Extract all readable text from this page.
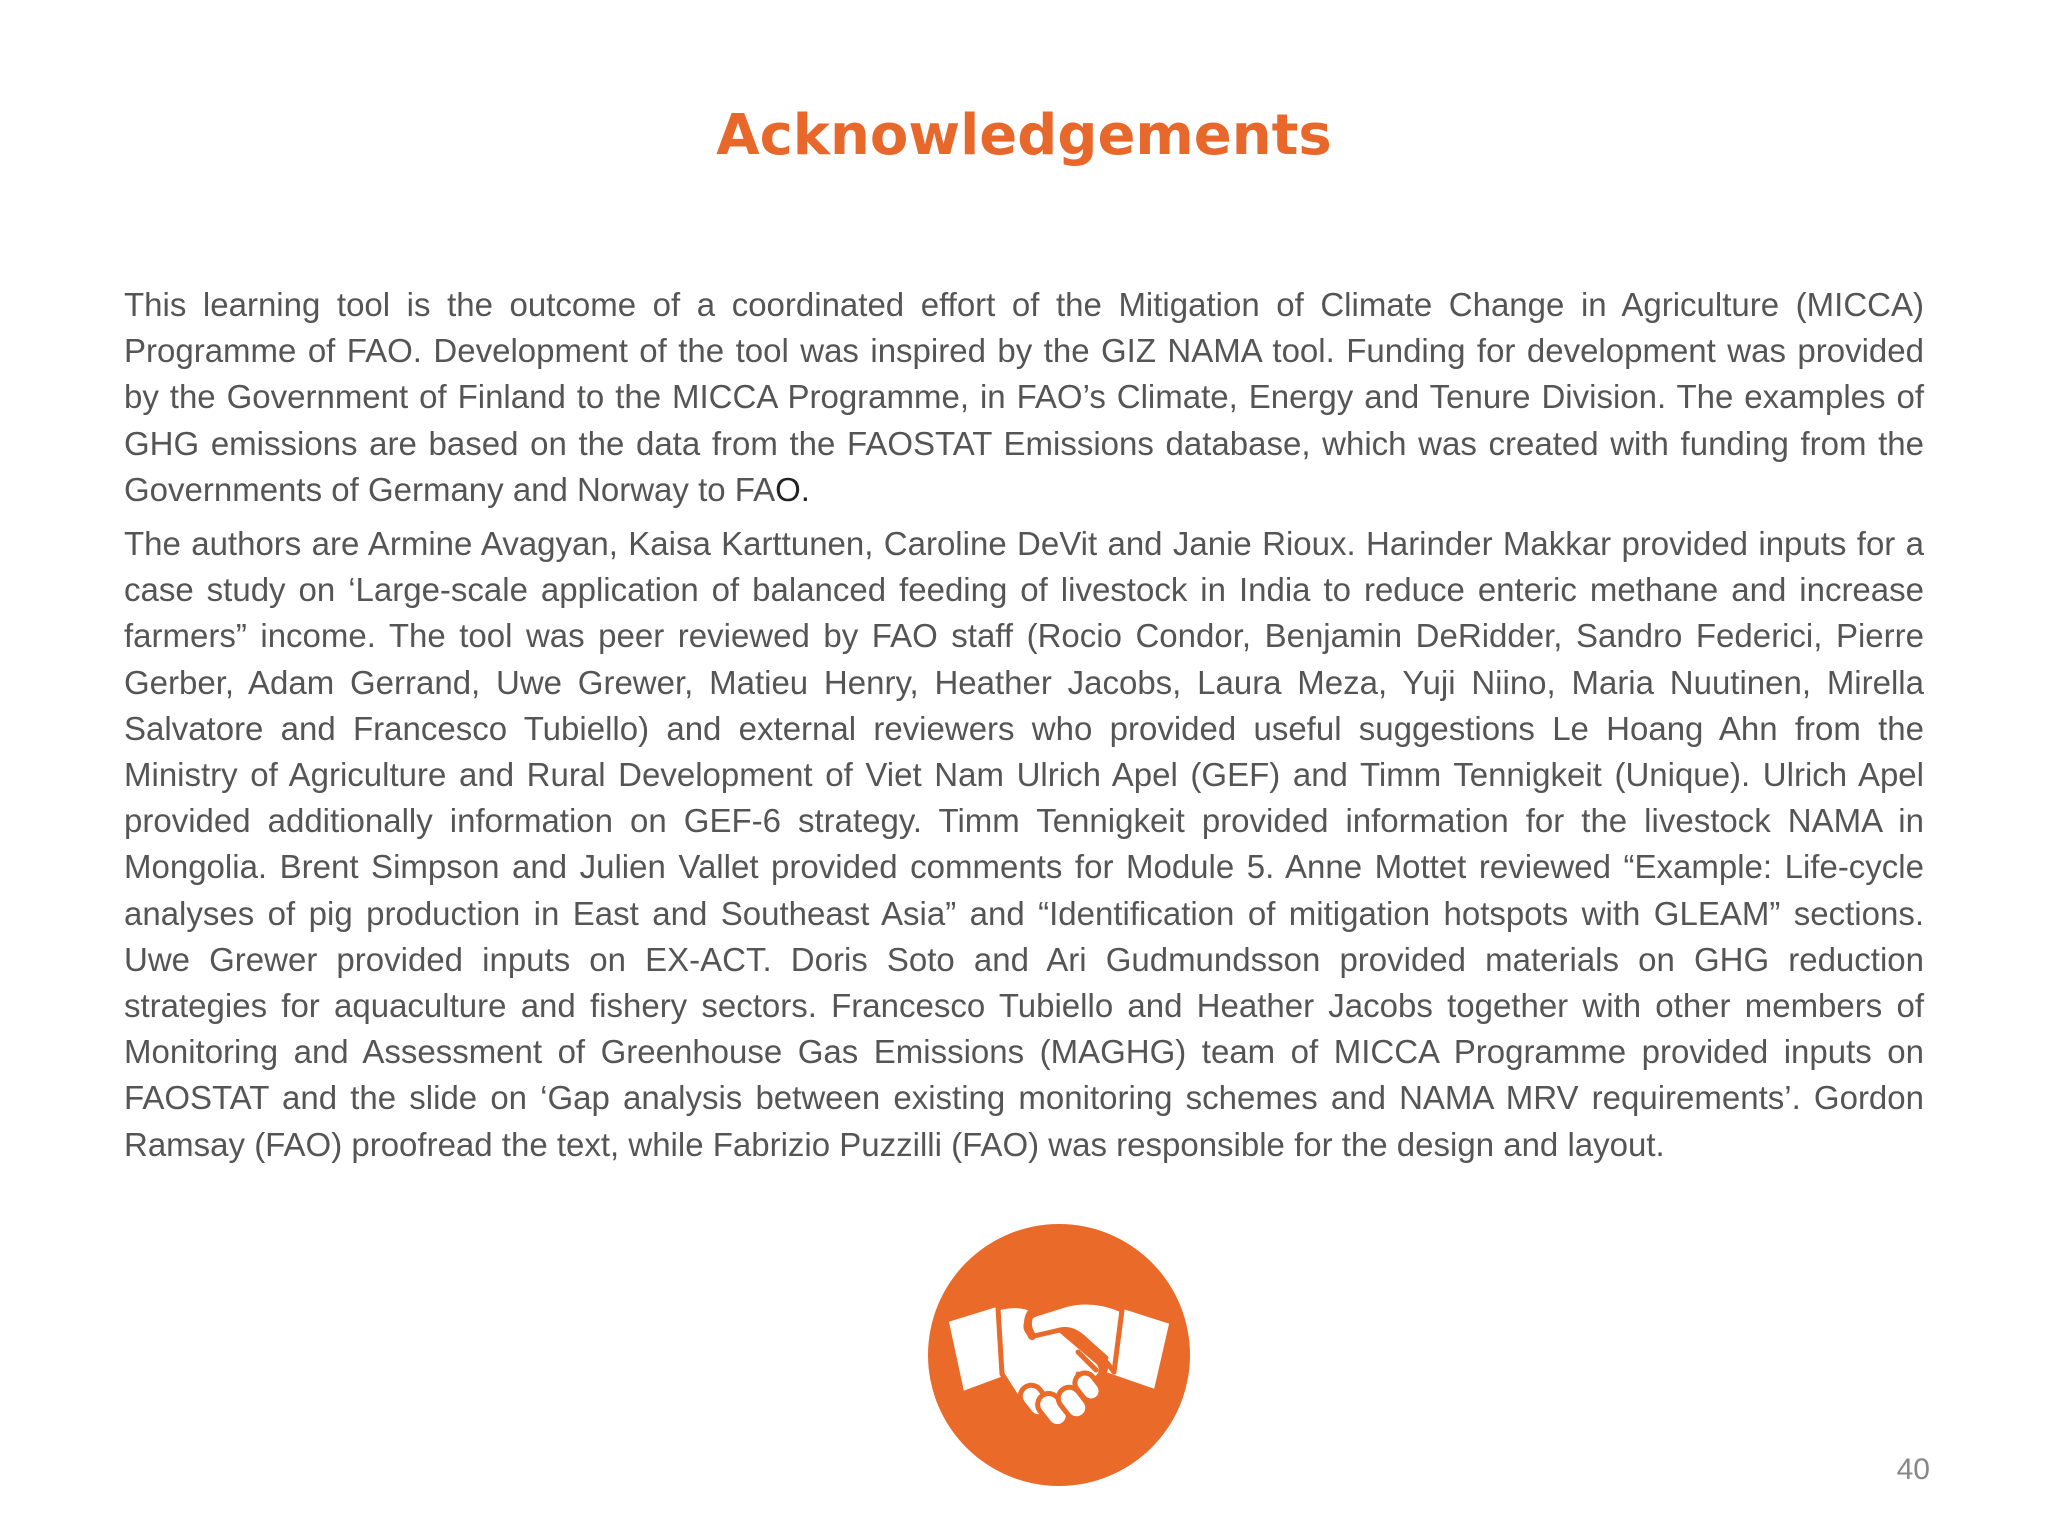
Acknowledgements

This learning tool is the outcome of a coordinated effort of the Mitigation of Climate Change in Agriculture (MICCA) Programme of FAO. Development of the tool was inspired by the GIZ NAMA tool. Funding for development was provided by the Government of Finland to the MICCA Programme, in FAO’s Climate, Energy and Tenure Division. The examples of GHG emissions are based on the data from the FAOSTAT Emissions database, which was created with funding from the Governments of Germany and Norway to FAO.

The authors are Armine Avagyan, Kaisa Karttunen, Caroline DeVit and Janie Rioux. Harinder Makkar provided inputs for a case study on ‘Large-scale application of balanced feeding of livestock in India to reduce enteric methane and increase farmers” income. The tool was peer reviewed by FAO staff (Rocio Condor, Benjamin DeRidder, Sandro Federici, Pierre Gerber, Adam Gerrand, Uwe Grewer, Matieu Henry, Heather Jacobs, Laura Meza, Yuji Niino, Maria Nuutinen, Mirella Salvatore and Francesco Tubiello) and external reviewers who provided useful suggestions Le Hoang Ahn from the Ministry of Agriculture and Rural Development of Viet Nam Ulrich Apel (GEF) and Timm Tennigkeit (Unique). Ulrich Apel provided additionally information on GEF-6 strategy. Timm Tennigkeit provided information for the livestock NAMA in Mongolia. Brent Simpson and Julien Vallet provided comments for Module 5. Anne Mottet reviewed “Example: Life-cycle analyses of pig production in East and Southeast Asia” and “Identification of mitigation hotspots with GLEAM” sections. Uwe Grewer provided inputs on EX-ACT. Doris Soto and Ari Gudmundsson provided materials on GHG reduction strategies for aquaculture and fishery sectors. Francesco Tubiello and Heather Jacobs together with other members of Monitoring and Assessment of Greenhouse Gas Emissions (MAGHG) team of MICCA Programme provided inputs on FAOSTAT and the slide on ‘Gap analysis between existing monitoring schemes and NAMA MRV requirements’. Gordon Ramsay (FAO) proofread the text, while Fabrizio Puzzilli (FAO) was responsible for the design and layout.

40
